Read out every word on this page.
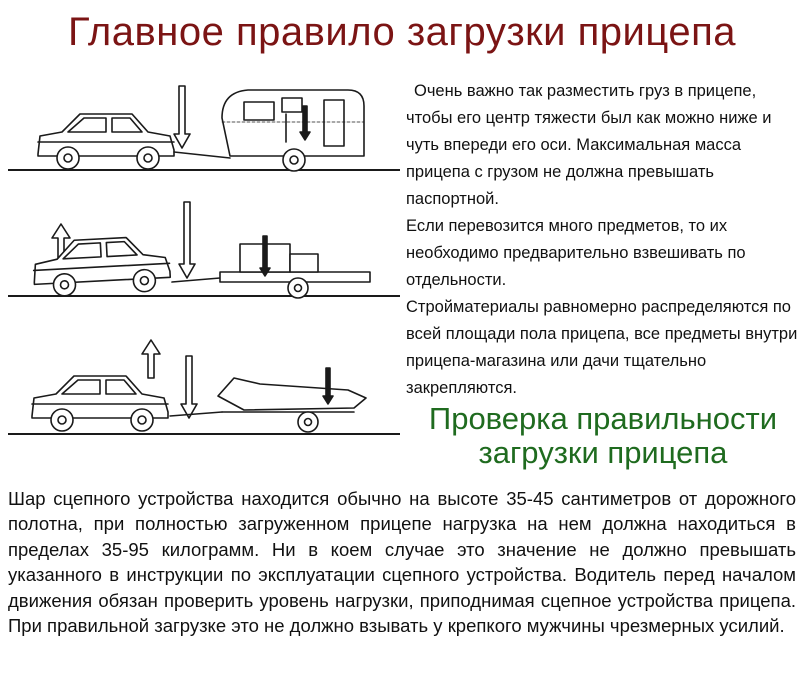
Главное правило загрузки прицепа

Очень важно так разместить груз в прицепе, чтобы его центр тяжести был как можно ниже и чуть впереди его оси. Максимальная масса прицепа с грузом не должна превышать паспортной.

Если перевозится много предметов, то их необходимо предварительно взвешивать по отдельности.

Стройматериалы равномерно распределяются по всей площади пола прицепа, все предметы внутри прицепа-магазина или дачи тщательно закрепляются.

Проверка правильности
загрузки прицепа
Шар сцепного устройства находится обычно на высоте 35-45 сантиметров от дорожного полотна, при полностью загруженном прицепе нагрузка на нем должна находиться в пределах 35-95 килограмм. Ни в коем случае это значение не должно превышать указанного в инструкции по эксплуатации сцепного устройства. Водитель перед началом движения обязан проверить уровень нагрузки, приподнимая сцепное устройства прицепа. При правильной загрузке это не должно взывать у крепкого мужчины чрезмерных усилий.
